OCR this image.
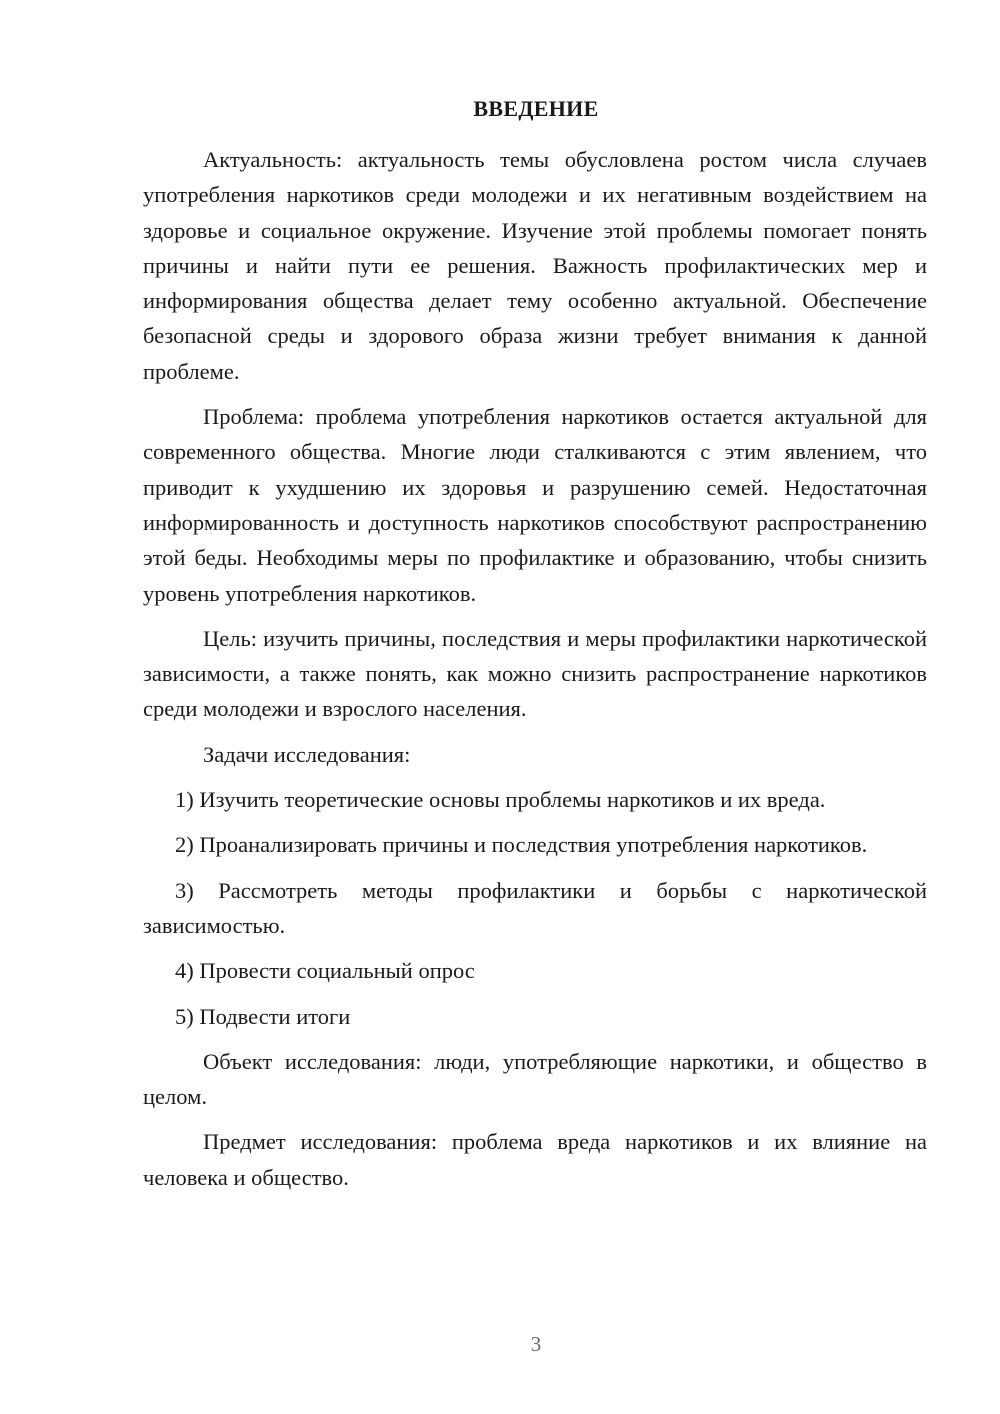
ВВЕДЕНИЕ

Актуальность: актуальность темы обусловлена ростом числа случаев употребления наркотиков среди молодежи и их негативным воздействием на здоровье и социальное окружение. Изучение этой проблемы помогает понять причины и найти пути ее решения. Важность профилактических мер и информирования общества делает тему особенно актуальной. Обеспечение безопасной среды и здорового образа жизни требует внимания к данной проблеме.

Проблема: проблема употребления наркотиков остается актуальной для современного общества. Многие люди сталкиваются с этим явлением, что приводит к ухудшению их здоровья и разрушению семей. Недостаточная информированность и доступность наркотиков способствуют распространению этой беды. Необходимы меры по профилактике и образованию, чтобы снизить уровень употребления наркотиков.

Цель: изучить причины, последствия и меры профилактики наркотической зависимости, а также понять, как можно снизить распространение наркотиков среди молодежи и взрослого населения.

Задачи исследования:

1) Изучить теоретические основы проблемы наркотиков и их вреда.

2) Проанализировать причины и последствия употребления наркотиков.

3) Рассмотреть методы профилактики и борьбы с наркотической зависимостью.

4) Провести социальный опрос

5) Подвести итоги

Объект исследования: люди, употребляющие наркотики, и общество в целом.

Предмет исследования: проблема вреда наркотиков и их влияние на человека и общество.

3
